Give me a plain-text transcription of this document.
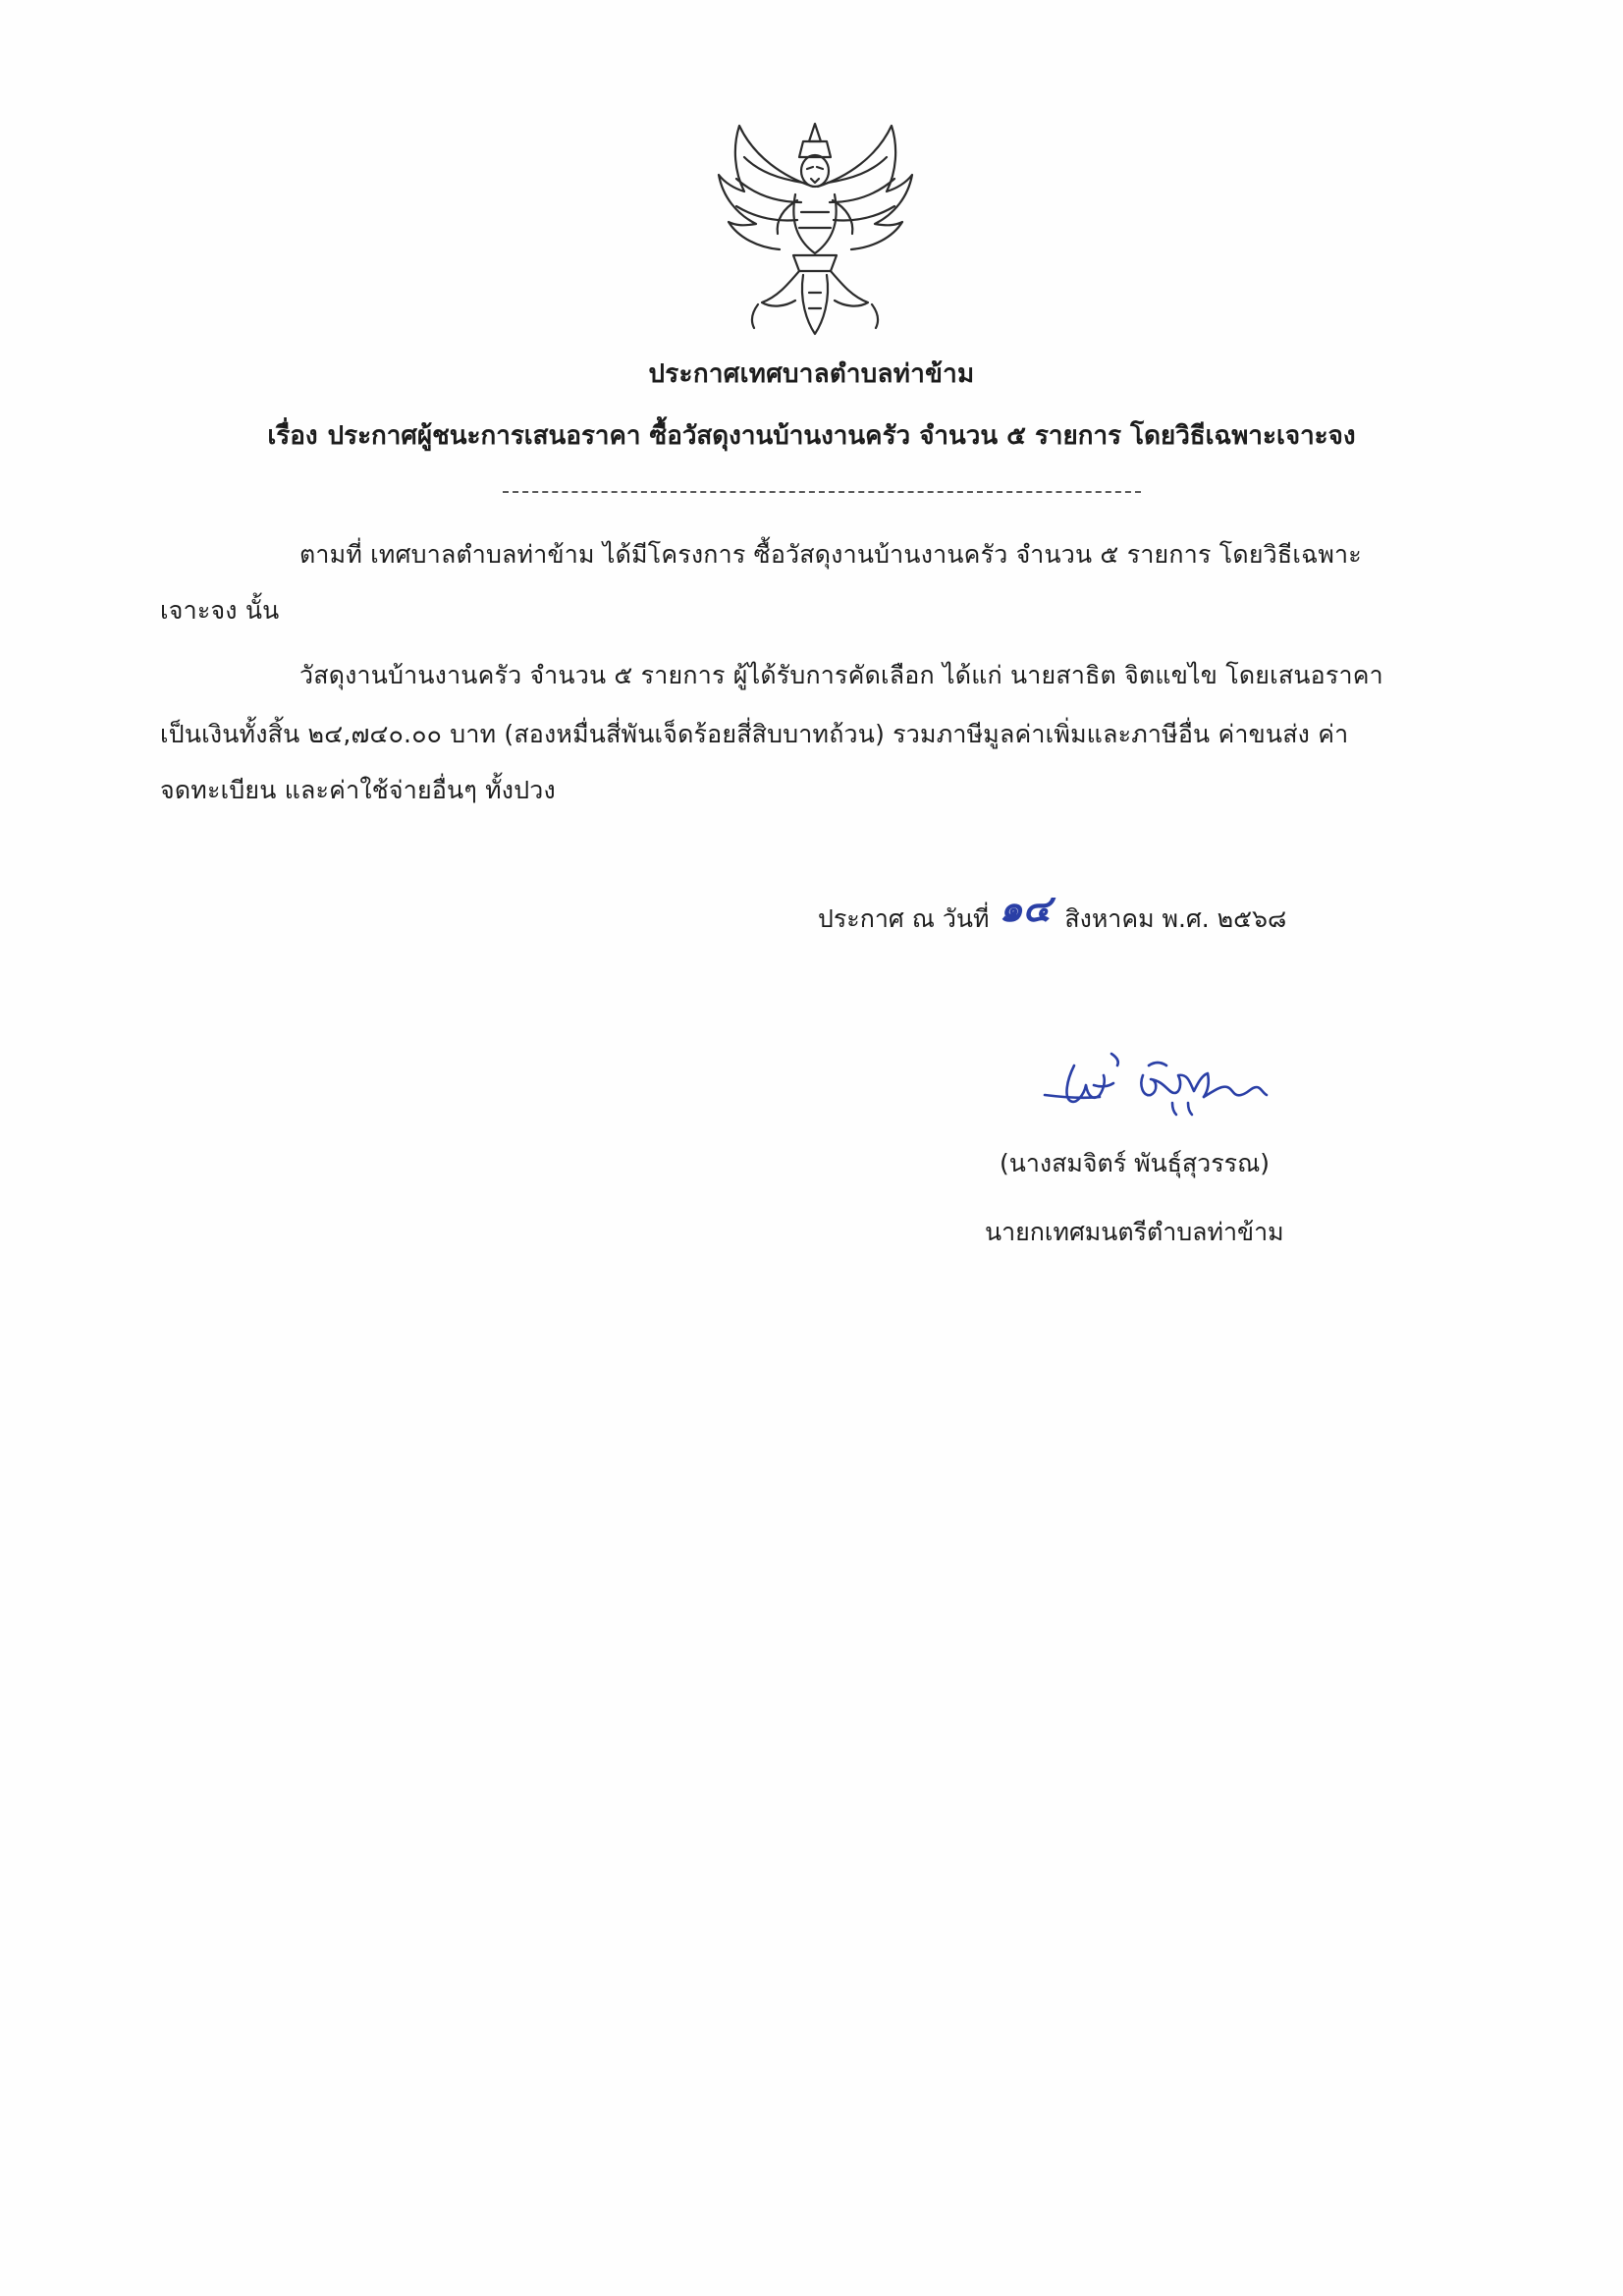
ประกาศเทศบาลตำบลท่าข้าม
เรื่อง ประกาศผู้ชนะการเสนอราคา ซื้อวัสดุงานบ้านงานครัว จำนวน ๕ รายการ โดยวิธีเฉพาะเจาะจง
ตามที่ เทศบาลตำบลท่าข้าม ได้มีโครงการ ซื้อวัสดุงานบ้านงานครัว จำนวน ๕ รายการ โดยวิธีเฉพาะ
เจาะจง นั้น
วัสดุงานบ้านงานครัว จำนวน ๕ รายการ ผู้ได้รับการคัดเลือก ได้แก่ นายสาธิต จิตแขไข โดยเสนอราคา
เป็นเงินทั้งสิ้น ๒๔,๗๔๐.๐๐ บาท (สองหมื่นสี่พันเจ็ดร้อยสี่สิบบาทถ้วน) รวมภาษีมูลค่าเพิ่มและภาษีอื่น ค่าขนส่ง ค่า
จดทะเบียน และค่าใช้จ่ายอื่นๆ ทั้งปวง
ประกาศ ณ วันที่ ๑๔ สิงหาคม พ.ศ. ๒๕๖๘
(นางสมจิตร์ พันธุ์สุวรรณ)
นายกเทศมนตรีตำบลท่าข้าม
